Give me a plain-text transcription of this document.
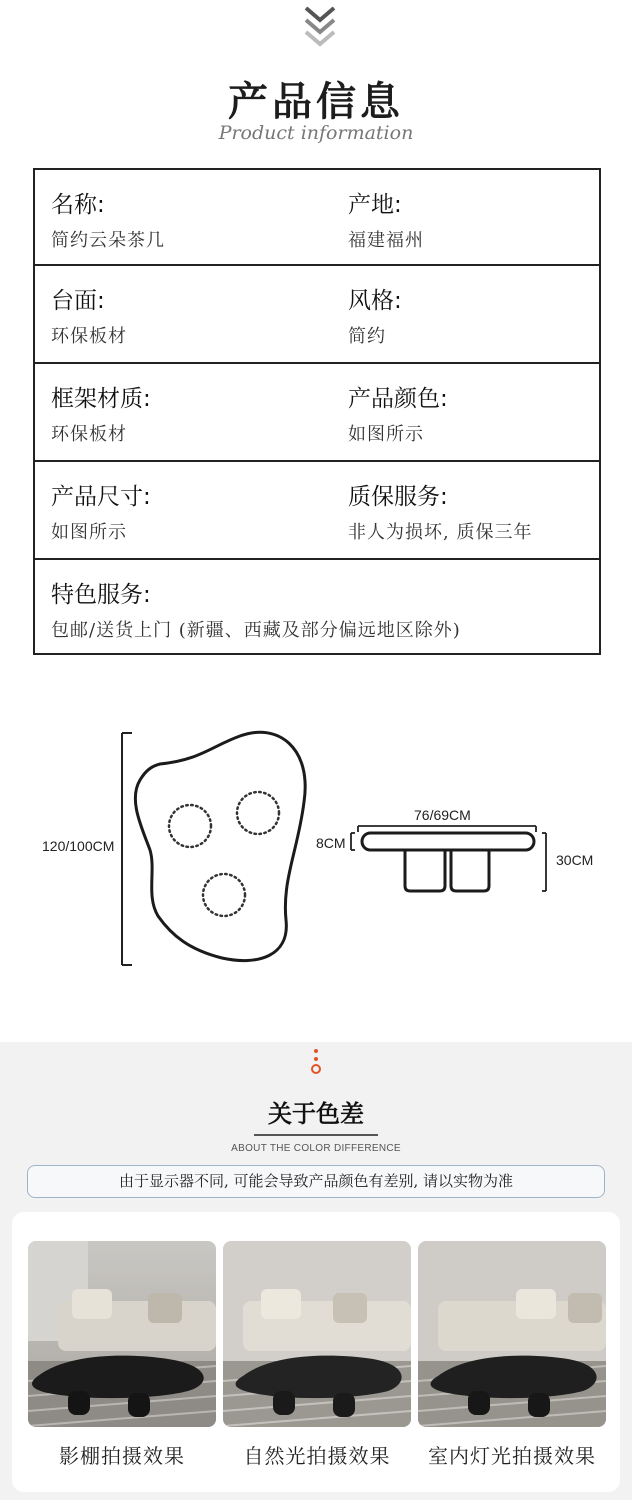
产品信息
Product information
名称:
简约云朵茶几
产地:
福建福州
台面:
环保板材
风格:
简约
框架材质:
环保板材
产品颜色:
如图所示
产品尺寸:
如图所示
质保服务:
非人为损坏, 质保三年
特色服务:
包邮/送货上门 (新疆、西藏及部分偏远地区除外)
120/100CM
76/69CM
8CM
30CM
关于色差
ABOUT THE COLOR DIFFERENCE
由于显示器不同, 可能会导致产品颜色有差别, 请以实物为准
影棚拍摄效果	自然光拍摄效果	室内灯光拍摄效果
